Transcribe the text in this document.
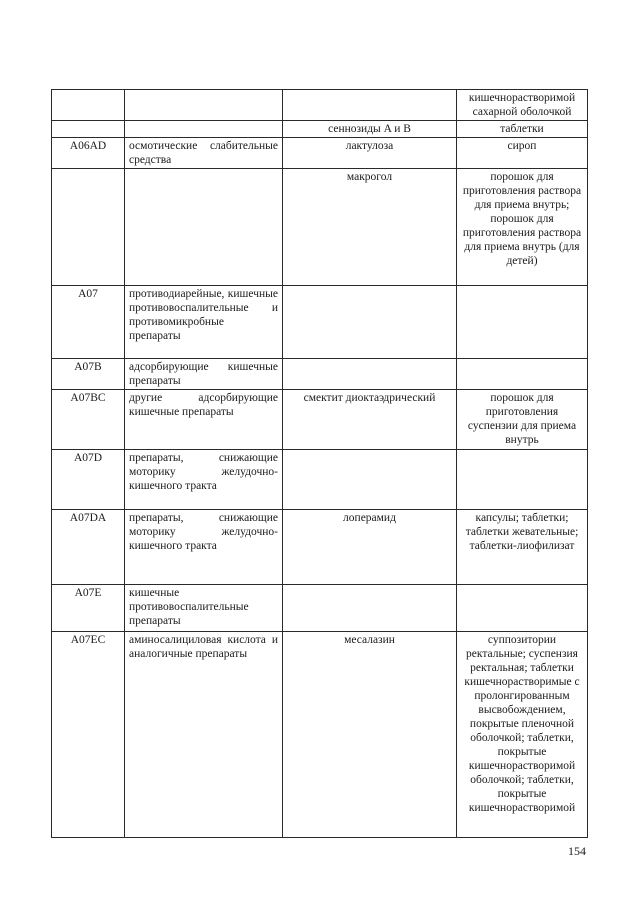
			кишечнорастворимой сахарной оболочкой
		сеннозиды A и B	таблетки
A06AD	осмотические слабительные средства	лактулоза	сироп
		макрогол	порошок для приготовления раствора для приема внутрь; порошок для приготовления раствора для приема внутрь (для детей)
A07	противодиарейные, кишечные противовоспалительные и противомикробные препараты		
A07B	адсорбирующие кишечные препараты		
A07BC	другие адсорбирующие кишечные препараты	смектит диоктаэдрический	порошок для приготовления суспензии для приема внутрь
A07D	препараты, снижающие моторику желудочно-кишечного тракта		
A07DA	препараты, снижающие моторику желудочно-кишечного тракта	лоперамид	капсулы; таблетки; таблетки жевательные; таблетки-лиофилизат
A07E	кишечные противовоспалительные препараты		
A07EC	аминосалициловая кислота и аналогичные препараты	месалазин	суппозитории ректальные; суспензия ректальная; таблетки кишечнорастворимые с пролонгированным высвобождением, покрытые пленочной оболочкой; таблетки, покрытые кишечнорастворимой оболочкой; таблетки, покрытые кишечнорастворимой
154
